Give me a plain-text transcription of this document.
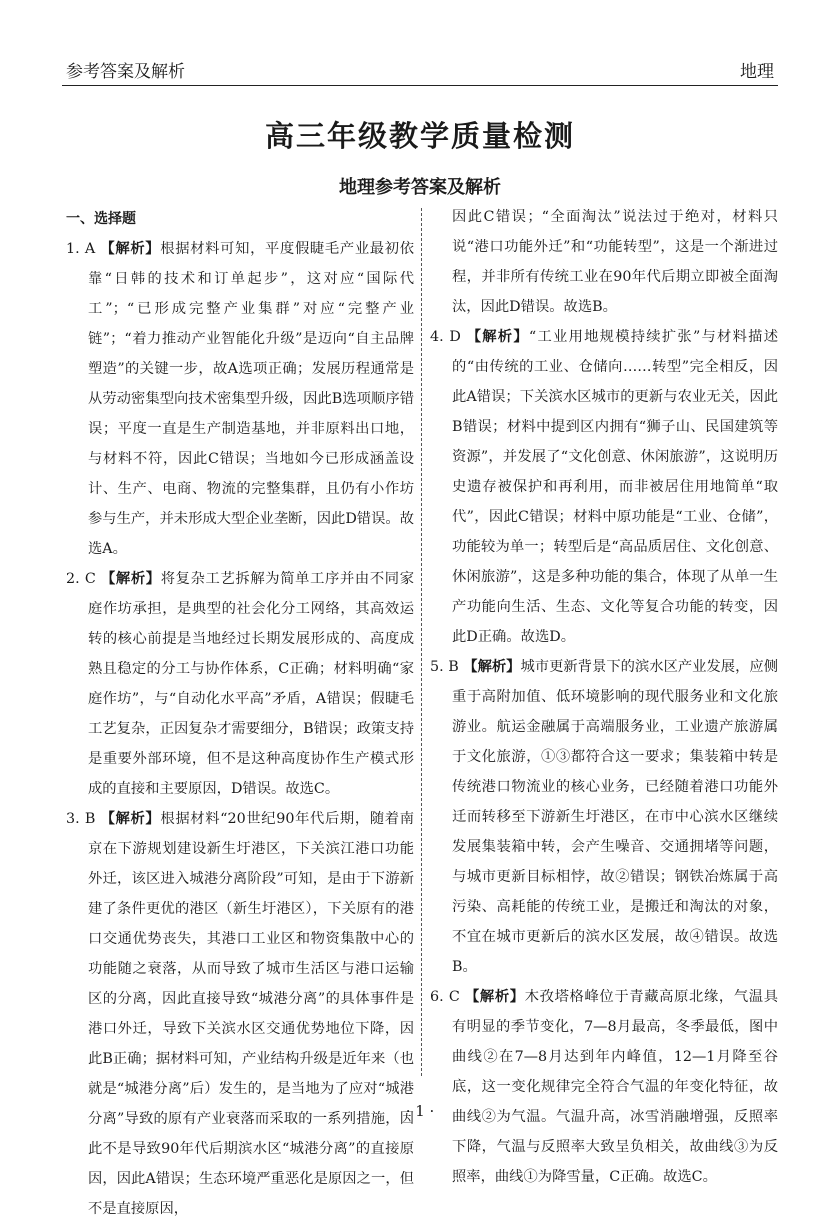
参考答案及解析	地理
高三年级教学质量检测
地理参考答案及解析
一、选择题

1. A 【解析】根据材料可知，平度假睫毛产业最初依靠“日韩的技术和订单起步”，这对应“国际代工”；“已形成完整产业集群”对应“完整产业链”；“着力推动产业智能化升级”是迈向“自主品牌塑造”的关键一步，故A选项正确；发展历程通常是从劳动密集型向技术密集型升级，因此B选项顺序错误；平度一直是生产制造基地，并非原料出口地，与材料不符，因此C错误；当地如今已形成涵盖设计、生产、电商、物流的完整集群，且仍有小作坊参与生产，并未形成大型企业垄断，因此D错误。故选A。

2. C 【解析】将复杂工艺拆解为简单工序并由不同家庭作坊承担，是典型的社会化分工网络，其高效运转的核心前提是当地经过长期发展形成的、高度成熟且稳定的分工与协作体系，C正确；材料明确“家庭作坊”，与“自动化水平高”矛盾，A错误；假睫毛工艺复杂，正因复杂才需要细分，B错误；政策支持是重要外部环境，但不是这种高度协作生产模式形成的直接和主要原因，D错误。故选C。

3. B 【解析】根据材料“20世纪90年代后期，随着南京在下游规划建设新生圩港区，下关滨江港口功能外迁，该区进入城港分离阶段”可知，是由于下游新建了条件更优的港区（新生圩港区），下关原有的港口交通优势丧失，其港口工业区和物资集散中心的功能随之衰落，从而导致了城市生活区与港口运输区的分离，因此直接导致“城港分离”的具体事件是港口外迁，导致下关滨水区交通优势地位下降，因此B正确；据材料可知，产业结构升级是近年来（也就是“城港分离”后）发生的，是当地为了应对“城港分离”导致的原有产业衰落而采取的一系列措施，因此不是导致90年代后期滨水区“城港分离”的直接原因，因此A错误；生态环境严重恶化是原因之一，但不是直接原因，

因此C错误；“全面淘汰”说法过于绝对，材料只说“港口功能外迁”和“功能转型”，这是一个渐进过程，并非所有传统工业在90年代后期立即被全面淘汰，因此D错误。故选B。

4. D 【解析】“工业用地规模持续扩张”与材料描述的“由传统的工业、仓储向……转型”完全相反，因此A错误；下关滨水区城市的更新与农业无关，因此B错误；材料中提到区内拥有“狮子山、民国建筑等资源”，并发展了“文化创意、休闲旅游”，这说明历史遗存被保护和再利用，而非被居住用地简单“取代”，因此C错误；材料中原功能是“工业、仓储”，功能较为单一；转型后是“高品质居住、文化创意、休闲旅游”，这是多种功能的集合，体现了从单一生产功能向生活、生态、文化等复合功能的转变，因此D正确。故选D。

5. B 【解析】城市更新背景下的滨水区产业发展，应侧重于高附加值、低环境影响的现代服务业和文化旅游业。航运金融属于高端服务业，工业遗产旅游属于文化旅游，①③都符合这一要求；集装箱中转是传统港口物流业的核心业务，已经随着港口功能外迁而转移至下游新生圩港区，在市中心滨水区继续发展集装箱中转，会产生噪音、交通拥堵等问题，与城市更新目标相悖，故②错误；钢铁冶炼属于高污染、高耗能的传统工业，是搬迁和淘汰的对象，不宜在城市更新后的滨水区发展，故④错误。故选B。

6. C 【解析】木孜塔格峰位于青藏高原北缘，气温具有明显的季节变化，7—8月最高，冬季最低，图中曲线②在7—8月达到年内峰值，12—1月降至谷底，这一变化规律完全符合气温的年变化特征，故曲线②为气温。气温升高，冰雪消融增强，反照率下降，气温与反照率大致呈负相关，故曲线③为反照率，曲线①为降雪量，C正确。故选C。

· 1 ·
